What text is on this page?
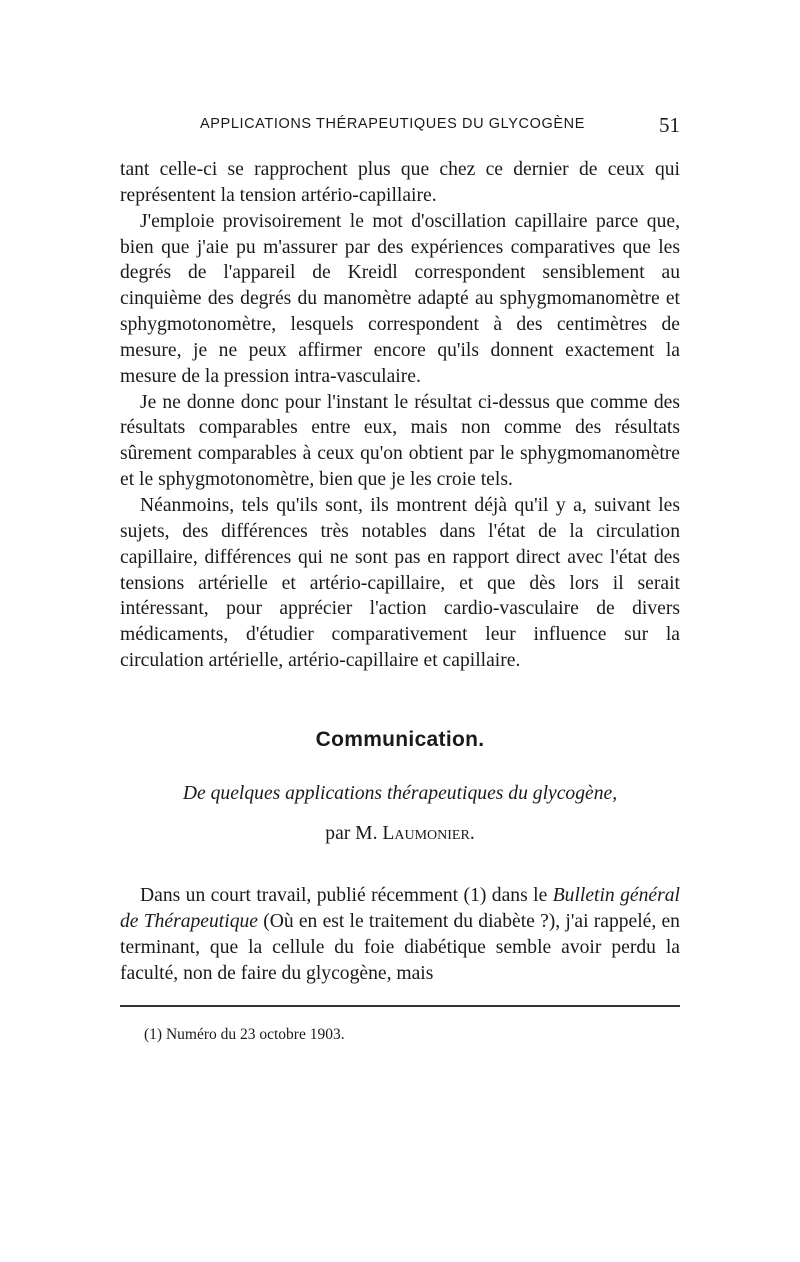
APPLICATIONS THÉRAPEUTIQUES DU GLYCOGÈNE	51

tant celle-ci se rapprochent plus que chez ce dernier de ceux qui représentent la tension artério-capillaire.

J'emploie provisoirement le mot d'oscillation capillaire parce que, bien que j'aie pu m'assurer par des expériences comparatives que les degrés de l'appareil de Kreidl correspondent sensiblement au cinquième des degrés du manomètre adapté au sphygmomanomètre et sphygmotonomètre, lesquels correspondent à des centimètres de mesure, je ne peux affirmer encore qu'ils donnent exactement la mesure de la pression intra-vasculaire.

Je ne donne donc pour l'instant le résultat ci-dessus que comme des résultats comparables entre eux, mais non comme des résultats sûrement comparables à ceux qu'on obtient par le sphygmomanomètre et le sphygmotonomètre, bien que je les croie tels.

Néanmoins, tels qu'ils sont, ils montrent déjà qu'il y a, suivant les sujets, des différences très notables dans l'état de la circulation capillaire, différences qui ne sont pas en rapport direct avec l'état des tensions artérielle et artério-capillaire, et que dès lors il serait intéressant, pour apprécier l'action cardio-vasculaire de divers médicaments, d'étudier comparativement leur influence sur la circulation artérielle, artério-capillaire et capillaire.

Communication.
De quelques applications thérapeutiques du glycogène,
par M. Laumonier.

Dans un court travail, publié récemment (1) dans le Bulletin général de Thérapeutique (Où en est le traitement du diabète ?), j'ai rappelé, en terminant, que la cellule du foie diabétique semble avoir perdu la faculté, non de faire du glycogène, mais

(1) Numéro du 23 octobre 1903.
